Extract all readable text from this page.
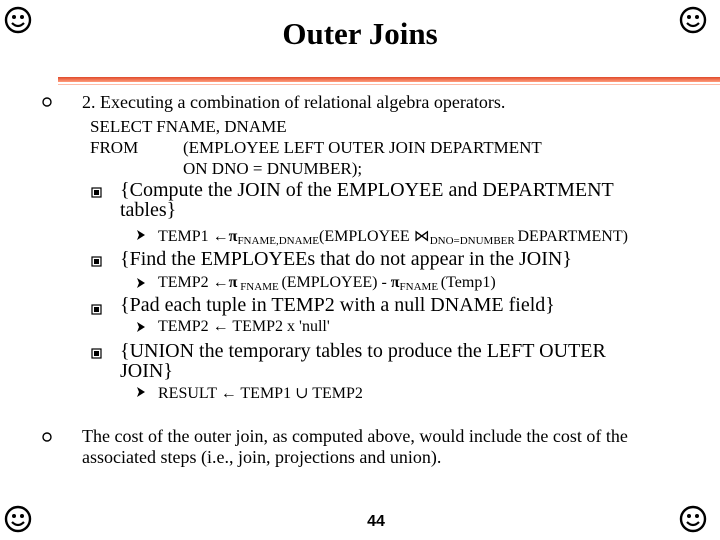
Outer Joins
2. Executing a combination of relational algebra operators.
SELECT FNAME, DNAME
FROM	(EMPLOYEE LEFT OUTER JOIN DEPARTMENT
ON DNO = DNUMBER);
{Compute the JOIN of the EMPLOYEE and DEPARTMENT
tables}
TEMP1 $\leftarrow\pi_{FNAME,DNAME}(EMPLOYEE$ $⋈_{DNO=DNUMBER}$ DEPARTMENT)
{Find the EMPLOYEEs that do not appear in the JOIN}
TEMP2 ←π $_{FNAME}$ (EMPLOYEE) - $\pi_{FNAME}$ (Temp1)
{Pad each tuple in TEMP2 with a null DNAME field}
TEMP2 ← TEMP2 x 'null'
{UNION the temporary tables to produce the LEFT OUTER
JOIN}
RESULT ← TEMP1 ∪ TEMP2
The cost of the outer join, as computed above, would include the cost of the
associated steps (i.e., join, projections and union).
44
